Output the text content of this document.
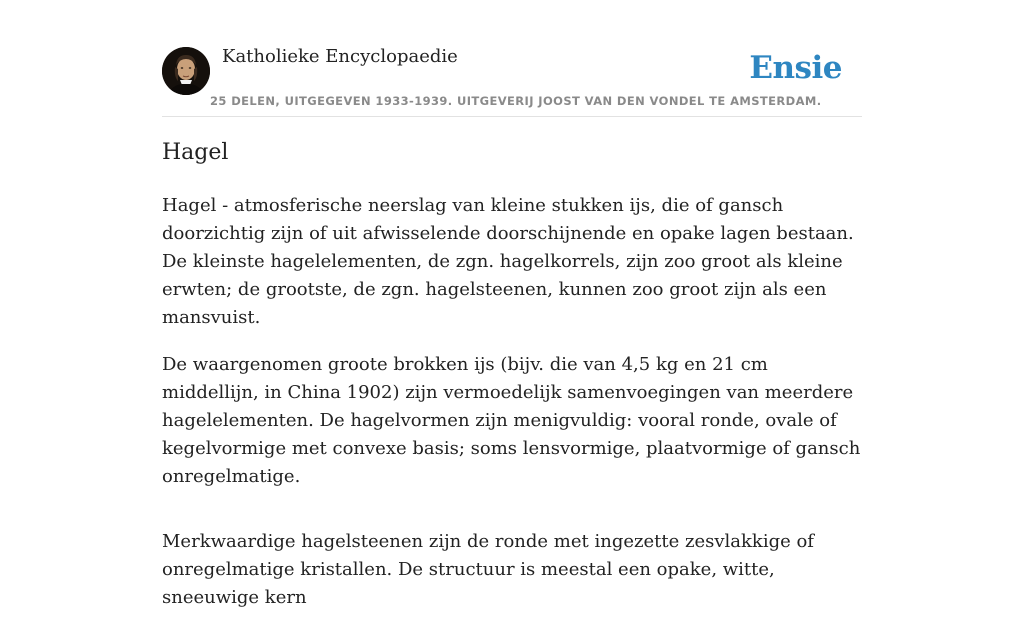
Katholieke Encyclopaedie
25 DELEN, UITGEGEVEN 1933-1939. UITGEVERIJ JOOST VAN DEN VONDEL TE AMSTERDAM.
Ensie
Hagel

Hagel - atmosferische neerslag van kleine stukken ijs, die of gansch doorzichtig zijn of uit afwisselende doorschijnende en opake lagen bestaan. De kleinste hagelelementen, de zgn. hagelkorrels, zijn zoo groot als kleine erwten; de grootste, de zgn. hagelsteenen, kunnen zoo groot zijn als een mansvuist.

De waargenomen groote brokken ijs (bijv. die van 4,5 kg en 21 cm middellijn, in China 1902) zijn vermoedelijk samenvoegingen van meerdere hagelelementen. De hagelvormen zijn menigvuldig: vooral ronde, ovale of kegelvormige met convexe basis; soms lensvormige, plaatvormige of gansch onregelmatige.

Merkwaardige hagelsteenen zijn de ronde met ingezette zesvlakkige of onregelmatige kristallen. De structuur is meestal een opake, witte, sneeuwige kern
